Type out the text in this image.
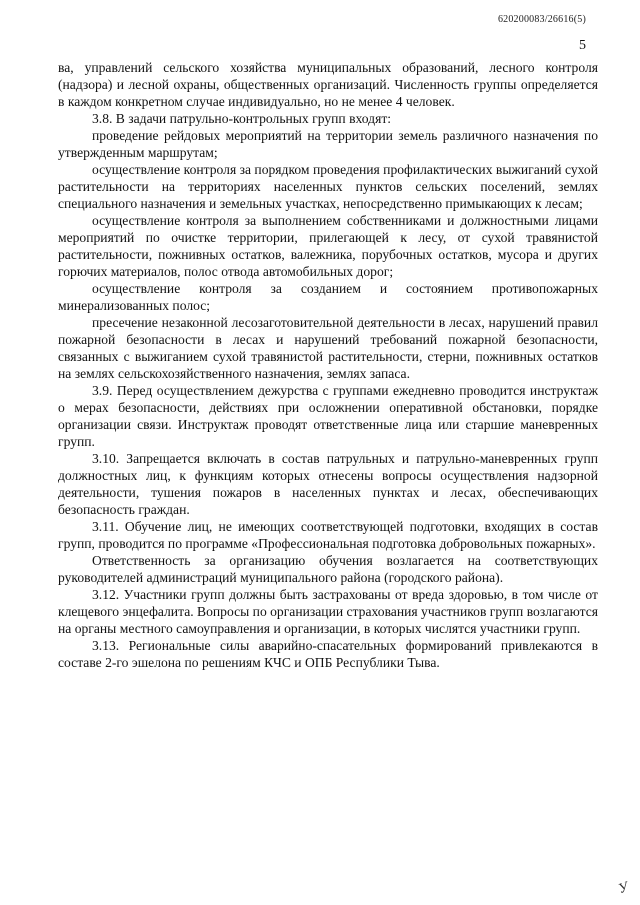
620200083/26616(5)
5

ва, управлений сельского хозяйства муниципальных образований, лесного контроля (надзора) и лесной охраны, общественных организаций. Численность группы определяется в каждом конкретном случае индивидуально, но не менее 4 человек.

3.8. В задачи патрульно-контрольных групп входят:

проведение рейдовых мероприятий на территории земель различного назначения по утвержденным маршрутам;

осуществление контроля за порядком проведения профилактических выжиганий сухой растительности на территориях населенных пунктов сельских поселений, землях специального назначения и земельных участках, непосредственно примыкающих к лесам;

осуществление контроля за выполнением собственниками и должностными лицами мероприятий по очистке территории, прилегающей к лесу, от сухой травянистой растительности, пожнивных остатков, валежника, порубочных остатков, мусора и других горючих материалов, полос отвода автомобильных дорог;

осуществление контроля за созданием и состоянием противопожарных минерализованных полос;

пресечение незаконной лесозаготовительной деятельности в лесах, нарушений правил пожарной безопасности в лесах и нарушений требований пожарной безопасности, связанных с выжиганием сухой травянистой растительности, стерни, пожнивных остатков на землях сельскохозяйственного назначения, землях запаса.

3.9. Перед осуществлением дежурства с группами ежедневно проводится инструктаж о мерах безопасности, действиях при осложнении оперативной обстановки, порядке организации связи. Инструктаж проводят ответственные лица или старшие маневренных групп.

3.10. Запрещается включать в состав патрульных и патрульно-маневренных групп должностных лиц, к функциям которых отнесены вопросы осуществления надзорной деятельности, тушения пожаров в населенных пунктах и лесах, обеспечивающих безопасность граждан.

3.11. Обучение лиц, не имеющих соответствующей подготовки, входящих в состав групп, проводится по программе «Профессиональная подготовка добровольных пожарных».

Ответственность за организацию обучения возлагается на соответствующих руководителей администраций муниципального района (городского района).

3.12. Участники групп должны быть застрахованы от вреда здоровью, в том числе от клещевого энцефалита. Вопросы по организации страхования участников групп возлагаются на органы местного самоуправления и организации, в которых числятся участники групп.

3.13. Региональные силы аварийно-спасательных формирований привлекаются в составе 2-го эшелона по решениям КЧС и ОПБ Республики Тыва.

У
